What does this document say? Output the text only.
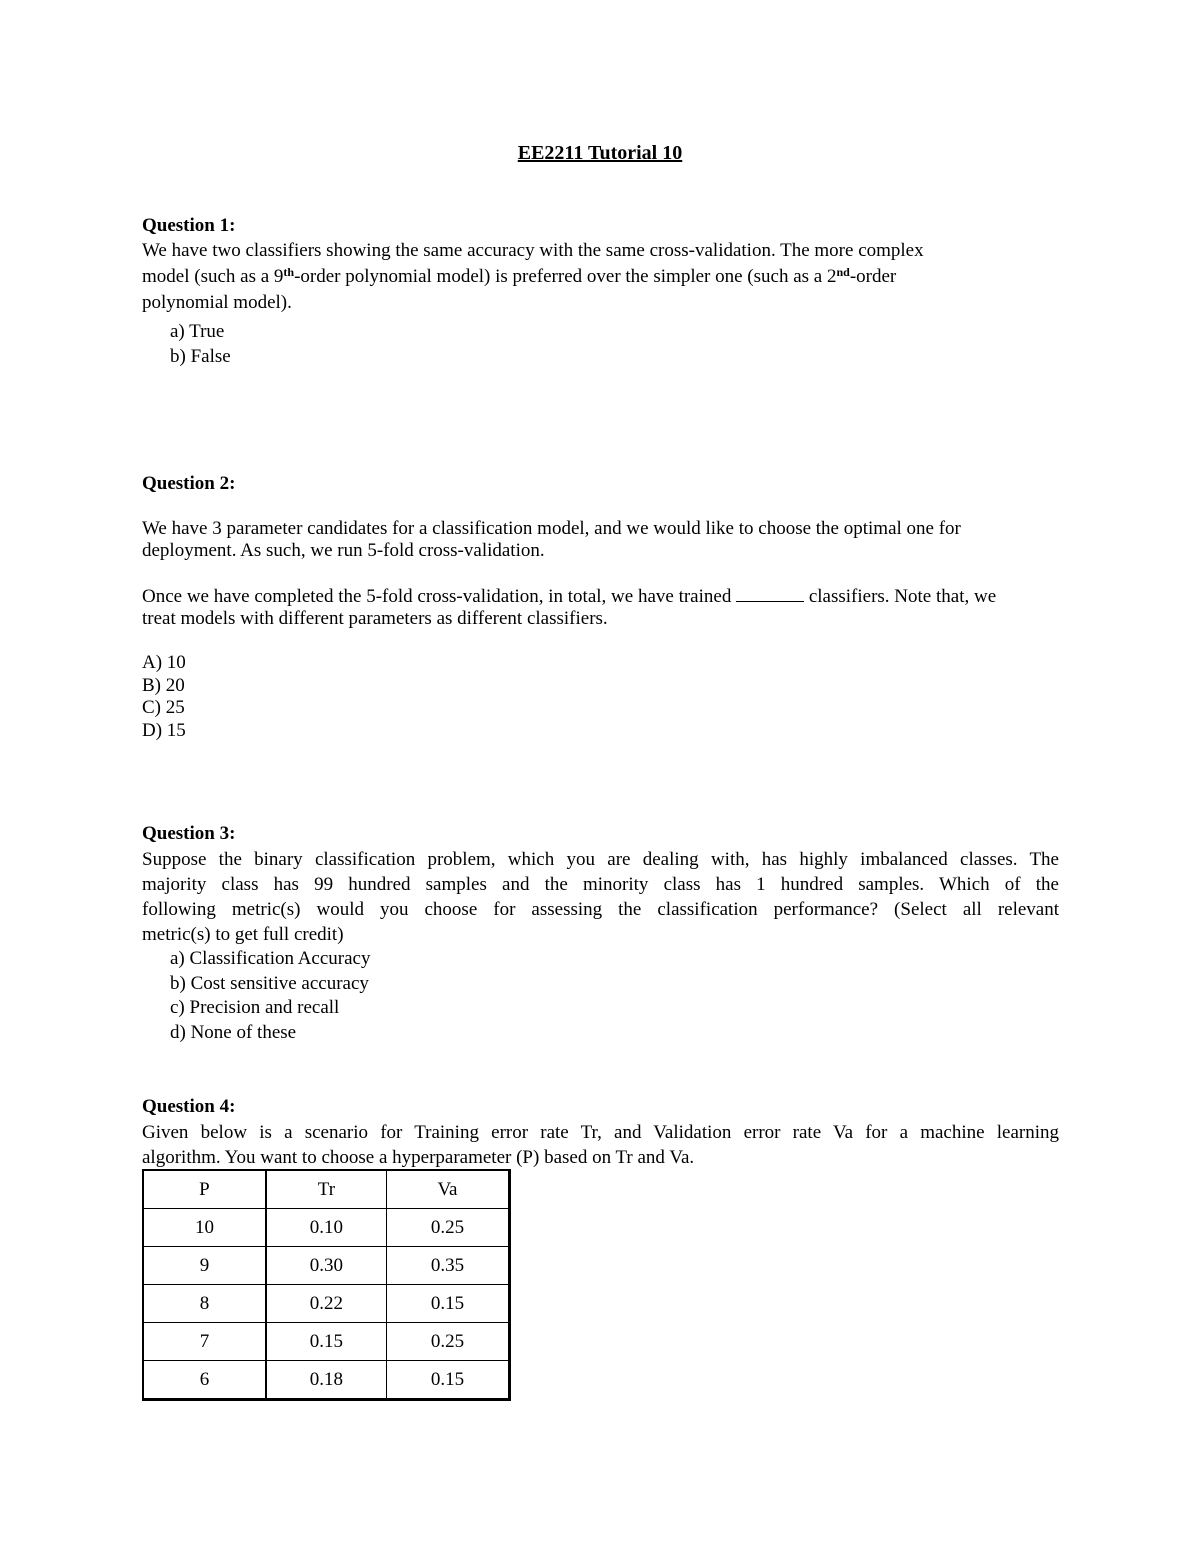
EE2211 Tutorial 10
Question 1:
We have two classifiers showing the same accuracy with the same cross-validation. The more complex
model (such as a 9th-order polynomial model) is preferred over the simpler one (such as a 2nd-order
polynomial model).
a) True
b) False
Question 2:
We have 3 parameter candidates for a classification model, and we would like to choose the optimal one for
deployment. As such, we run 5-fold cross-validation.
Once we have completed the 5-fold cross-validation, in total, we have trained	classifiers. Note that, we
treat models with different parameters as different classifiers.
A) 10
B) 20
C) 25
D) 15
Question 3:
Suppose the binary classification problem, which you are dealing with, has highly imbalanced classes. The
majority class has 99 hundred samples and the minority class has 1 hundred samples. Which of the
following metric(s) would you choose for assessing the classification performance? (Select all relevant
metric(s) to get full credit)
a) Classification Accuracy
b) Cost sensitive accuracy
c) Precision and recall
d) None of these
Question 4:
Given below is a scenario for Training error rate Tr, and Validation error rate Va for a machine learning
algorithm. You want to choose a hyperparameter (P) based on Tr and Va.
P	Tr	Va
10	0.10	0.25
9	0.30	0.35
8	0.22	0.15
7	0.15	0.25
6	0.18	0.15
